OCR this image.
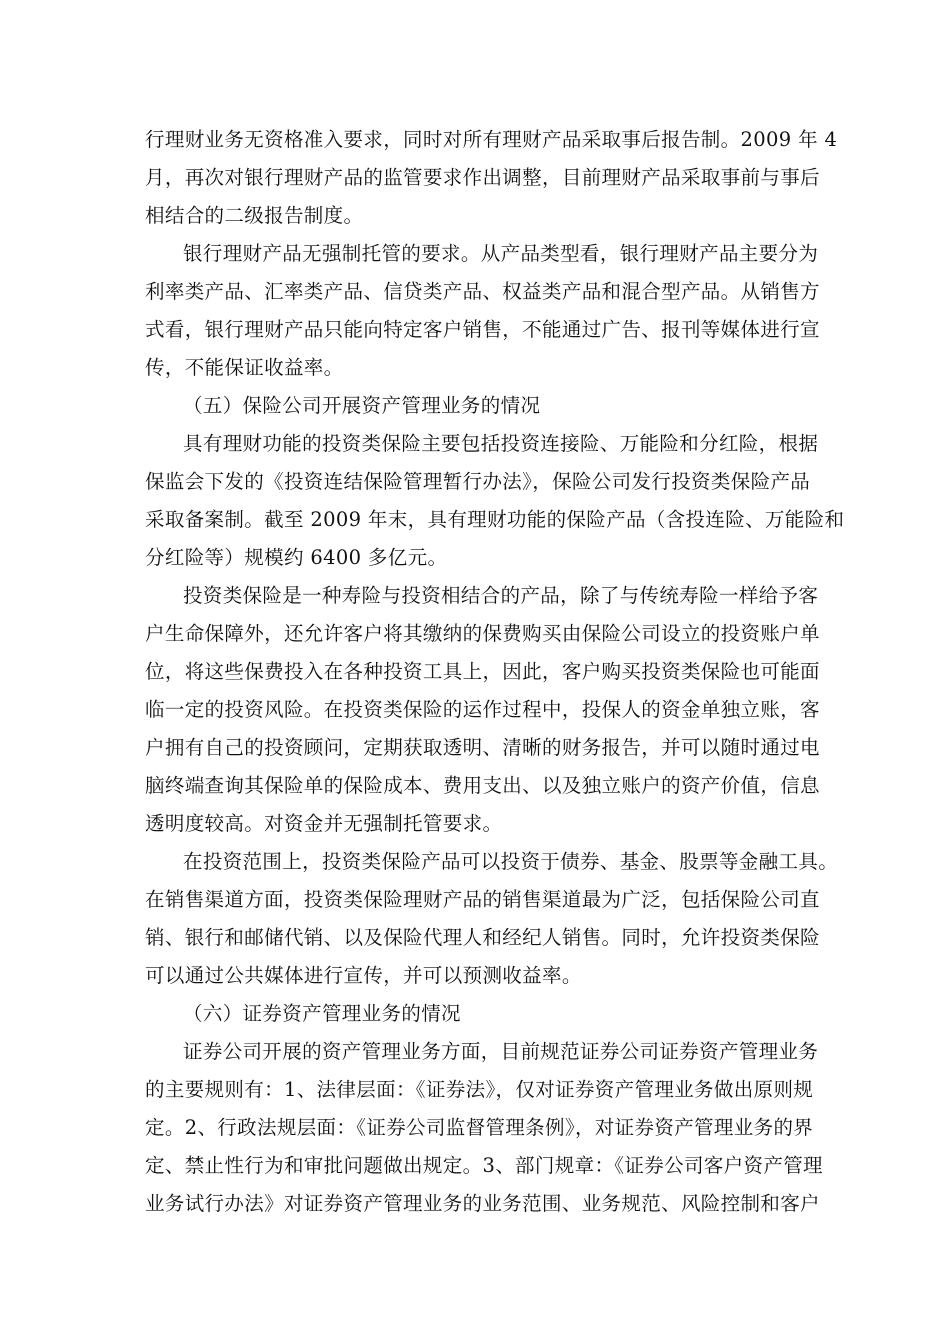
行理财业务无资格准入要求，同时对所有理财产品采取事后报告制。2009 年 4
月，再次对银行理财产品的监管要求作出调整，目前理财产品采取事前与事后
相结合的二级报告制度。
银行理财产品无强制托管的要求。从产品类型看，银行理财产品主要分为
利率类产品、汇率类产品、信贷类产品、权益类产品和混合型产品。从销售方
式看，银行理财产品只能向特定客户销售，不能通过广告、报刊等媒体进行宣
传，不能保证收益率。
（五）保险公司开展资产管理业务的情况
具有理财功能的投资类保险主要包括投资连接险、万能险和分红险，根据
保监会下发的《投资连结保险管理暂行办法》，保险公司发行投资类保险产品
采取备案制。截至 2009 年末，具有理财功能的保险产品（含投连险、万能险和
分红险等）规模约 6400 多亿元。
投资类保险是一种寿险与投资相结合的产品，除了与传统寿险一样给予客
户生命保障外，还允许客户将其缴纳的保费购买由保险公司设立的投资账户单
位，将这些保费投入在各种投资工具上，因此，客户购买投资类保险也可能面
临一定的投资风险。在投资类保险的运作过程中，投保人的资金单独立账，客
户拥有自己的投资顾问，定期获取透明、清晰的财务报告，并可以随时通过电
脑终端查询其保险单的保险成本、费用支出、以及独立账户的资产价值，信息
透明度较高。对资金并无强制托管要求。
在投资范围上，投资类保险产品可以投资于债券、基金、股票等金融工具。
在销售渠道方面，投资类保险理财产品的销售渠道最为广泛，包括保险公司直
销、银行和邮储代销、以及保险代理人和经纪人销售。同时，允许投资类保险
可以通过公共媒体进行宣传，并可以预测收益率。
（六）证券资产管理业务的情况
证券公司开展的资产管理业务方面，目前规范证券公司证券资产管理业务
的主要规则有：1、法律层面：《证券法》，仅对证券资产管理业务做出原则规
定。2、行政法规层面：《证券公司监督管理条例》，对证券资产管理业务的界
定、禁止性行为和审批问题做出规定。3、部门规章：《证券公司客户资产管理
业务试行办法》对证券资产管理业务的业务范围、业务规范、风险控制和客户
